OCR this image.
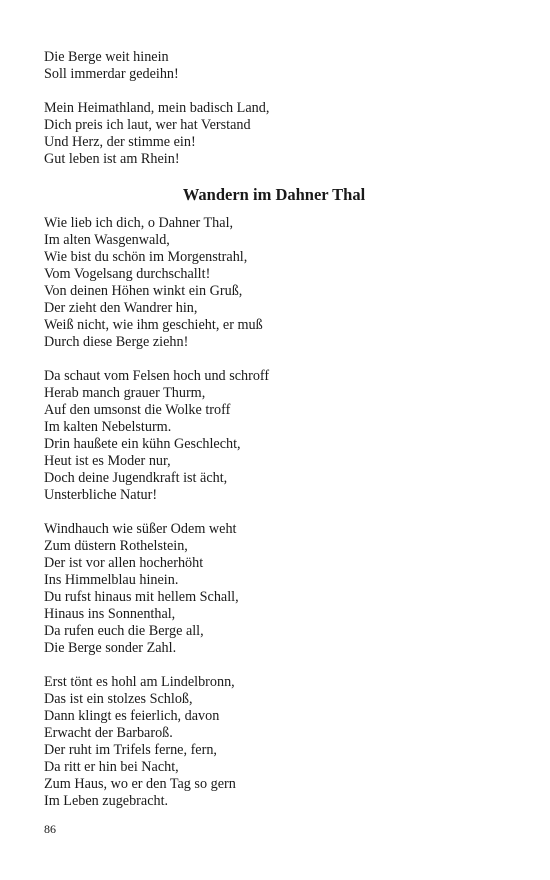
Die Berge weit hinein
Soll immerdar gedeihn!
Mein Heimathland, mein badisch Land,
Dich preis ich laut, wer hat Verstand
Und Herz, der stimme ein!
Gut leben ist am Rhein!
Wandern im Dahner Thal
Wie lieb ich dich, o Dahner Thal,
Im alten Wasgenwald,
Wie bist du schön im Morgenstrahl,
Vom Vogelsang durchschallt!
Von deinen Höhen winkt ein Gruß,
Der zieht den Wandrer hin,
Weiß nicht, wie ihm geschieht, er muß
Durch diese Berge ziehn!
Da schaut vom Felsen hoch und schroff
Herab manch grauer Thurm,
Auf den umsonst die Wolke troff
Im kalten Nebelsturm.
Drin haußete ein kühn Geschlecht,
Heut ist es Moder nur,
Doch deine Jugendkraft ist ächt,
Unsterbliche Natur!
Windhauch wie süßer Odem weht
Zum düstern Rothelstein,
Der ist vor allen hocherhöht
Ins Himmelblau hinein.
Du rufst hinaus mit hellem Schall,
Hinaus ins Sonnenthal,
Da rufen euch die Berge all,
Die Berge sonder Zahl.
Erst tönt es hohl am Lindelbronn,
Das ist ein stolzes Schloß,
Dann klingt es feierlich, davon
Erwacht der Barbaroß.
Der ruht im Trifels ferne, fern,
Da ritt er hin bei Nacht,
Zum Haus, wo er den Tag so gern
Im Leben zugebracht.
86
